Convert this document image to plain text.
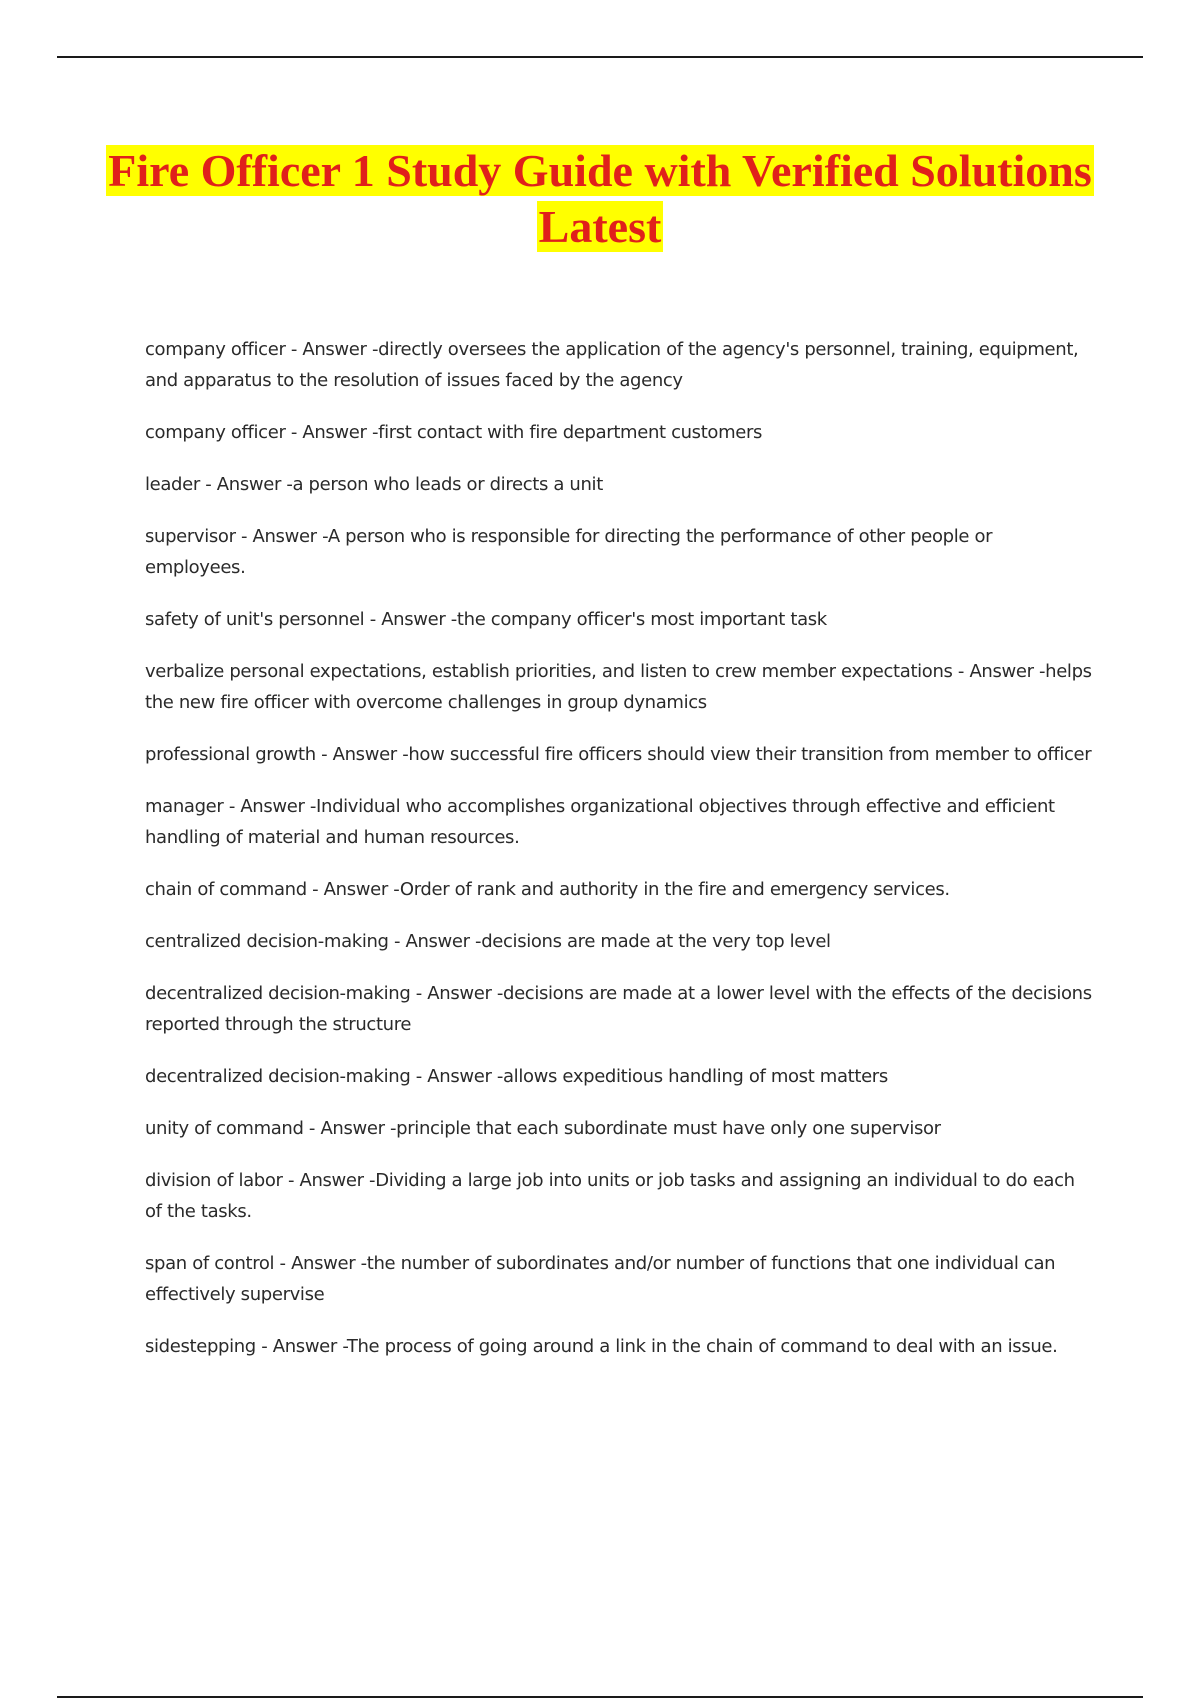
Fire Officer 1 Study Guide with Verified Solutions Latest
company officer - Answer -directly oversees the application of the agency's personnel, training, equipment, and apparatus to the resolution of issues faced by the agency
company officer - Answer -first contact with fire department customers
leader - Answer -a person who leads or directs a unit
supervisor - Answer -A person who is responsible for directing the performance of other people or employees.
safety of unit's personnel - Answer -the company officer's most important task
verbalize personal expectations, establish priorities, and listen to crew member expectations - Answer -helps the new fire officer with overcome challenges in group dynamics
professional growth - Answer -how successful fire officers should view their transition from member to officer
manager - Answer -Individual who accomplishes organizational objectives through effective and efficient handling of material and human resources.
chain of command - Answer -Order of rank and authority in the fire and emergency services.
centralized decision-making - Answer -decisions are made at the very top level
decentralized decision-making - Answer -decisions are made at a lower level with the effects of the decisions reported through the structure
decentralized decision-making - Answer -allows expeditious handling of most matters
unity of command - Answer -principle that each subordinate must have only one supervisor
division of labor - Answer -Dividing a large job into units or job tasks and assigning an individual to do each of the tasks.
span of control - Answer -the number of subordinates and/or number of functions that one individual can effectively supervise
sidestepping - Answer -The process of going around a link in the chain of command to deal with an issue.
